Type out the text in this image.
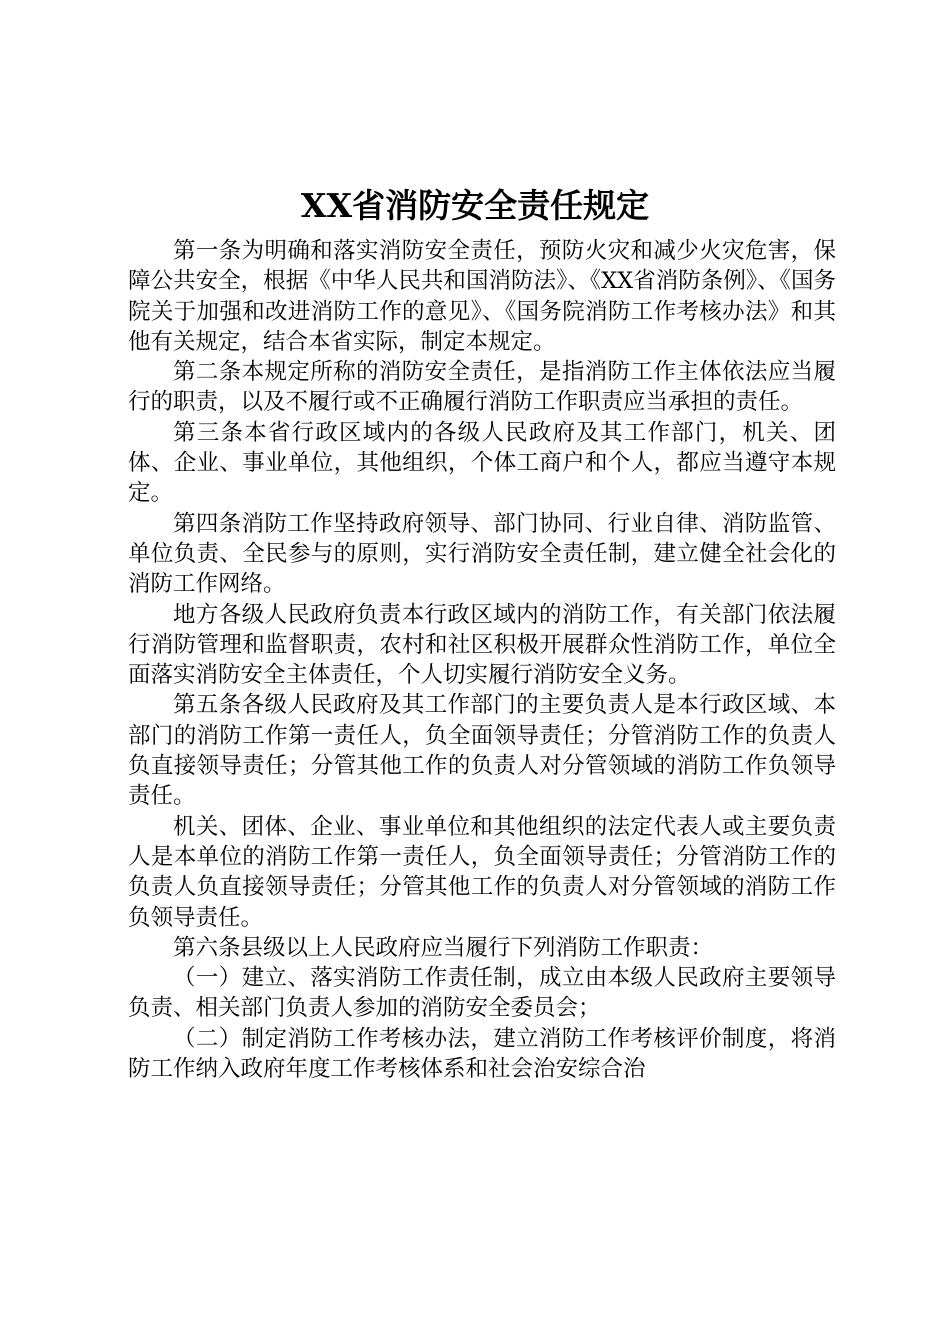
XX省消防安全责任规定

第一条为明确和落实消防安全责任，预防火灾和减少火灾危害，保障公共安全，根据《中华人民共和国消防法》、《XX省消防条例》、《国务院关于加强和改进消防工作的意见》、《国务院消防工作考核办法》和其他有关规定，结合本省实际，制定本规定。

第二条本规定所称的消防安全责任，是指消防工作主体依法应当履行的职责，以及不履行或不正确履行消防工作职责应当承担的责任。

第三条本省行政区域内的各级人民政府及其工作部门，机关、团体、企业、事业单位，其他组织，个体工商户和个人，都应当遵守本规定。

第四条消防工作坚持政府领导、部门协同、行业自律、消防监管、单位负责、全民参与的原则，实行消防安全责任制，建立健全社会化的消防工作网络。

地方各级人民政府负责本行政区域内的消防工作，有关部门依法履行消防管理和监督职责，农村和社区积极开展群众性消防工作，单位全面落实消防安全主体责任，个人切实履行消防安全义务。

第五条各级人民政府及其工作部门的主要负责人是本行政区域、本部门的消防工作第一责任人，负全面领导责任；分管消防工作的负责人负直接领导责任；分管其他工作的负责人对分管领域的消防工作负领导责任。

机关、团体、企业、事业单位和其他组织的法定代表人或主要负责人是本单位的消防工作第一责任人，负全面领导责任；分管消防工作的负责人负直接领导责任；分管其他工作的负责人对分管领域的消防工作负领导责任。

第六条县级以上人民政府应当履行下列消防工作职责：

（一）建立、落实消防工作责任制，成立由本级人民政府主要领导负责、相关部门负责人参加的消防安全委员会；

（二）制定消防工作考核办法，建立消防工作考核评价制度，将消防工作纳入政府年度工作考核体系和社会治安综合治
